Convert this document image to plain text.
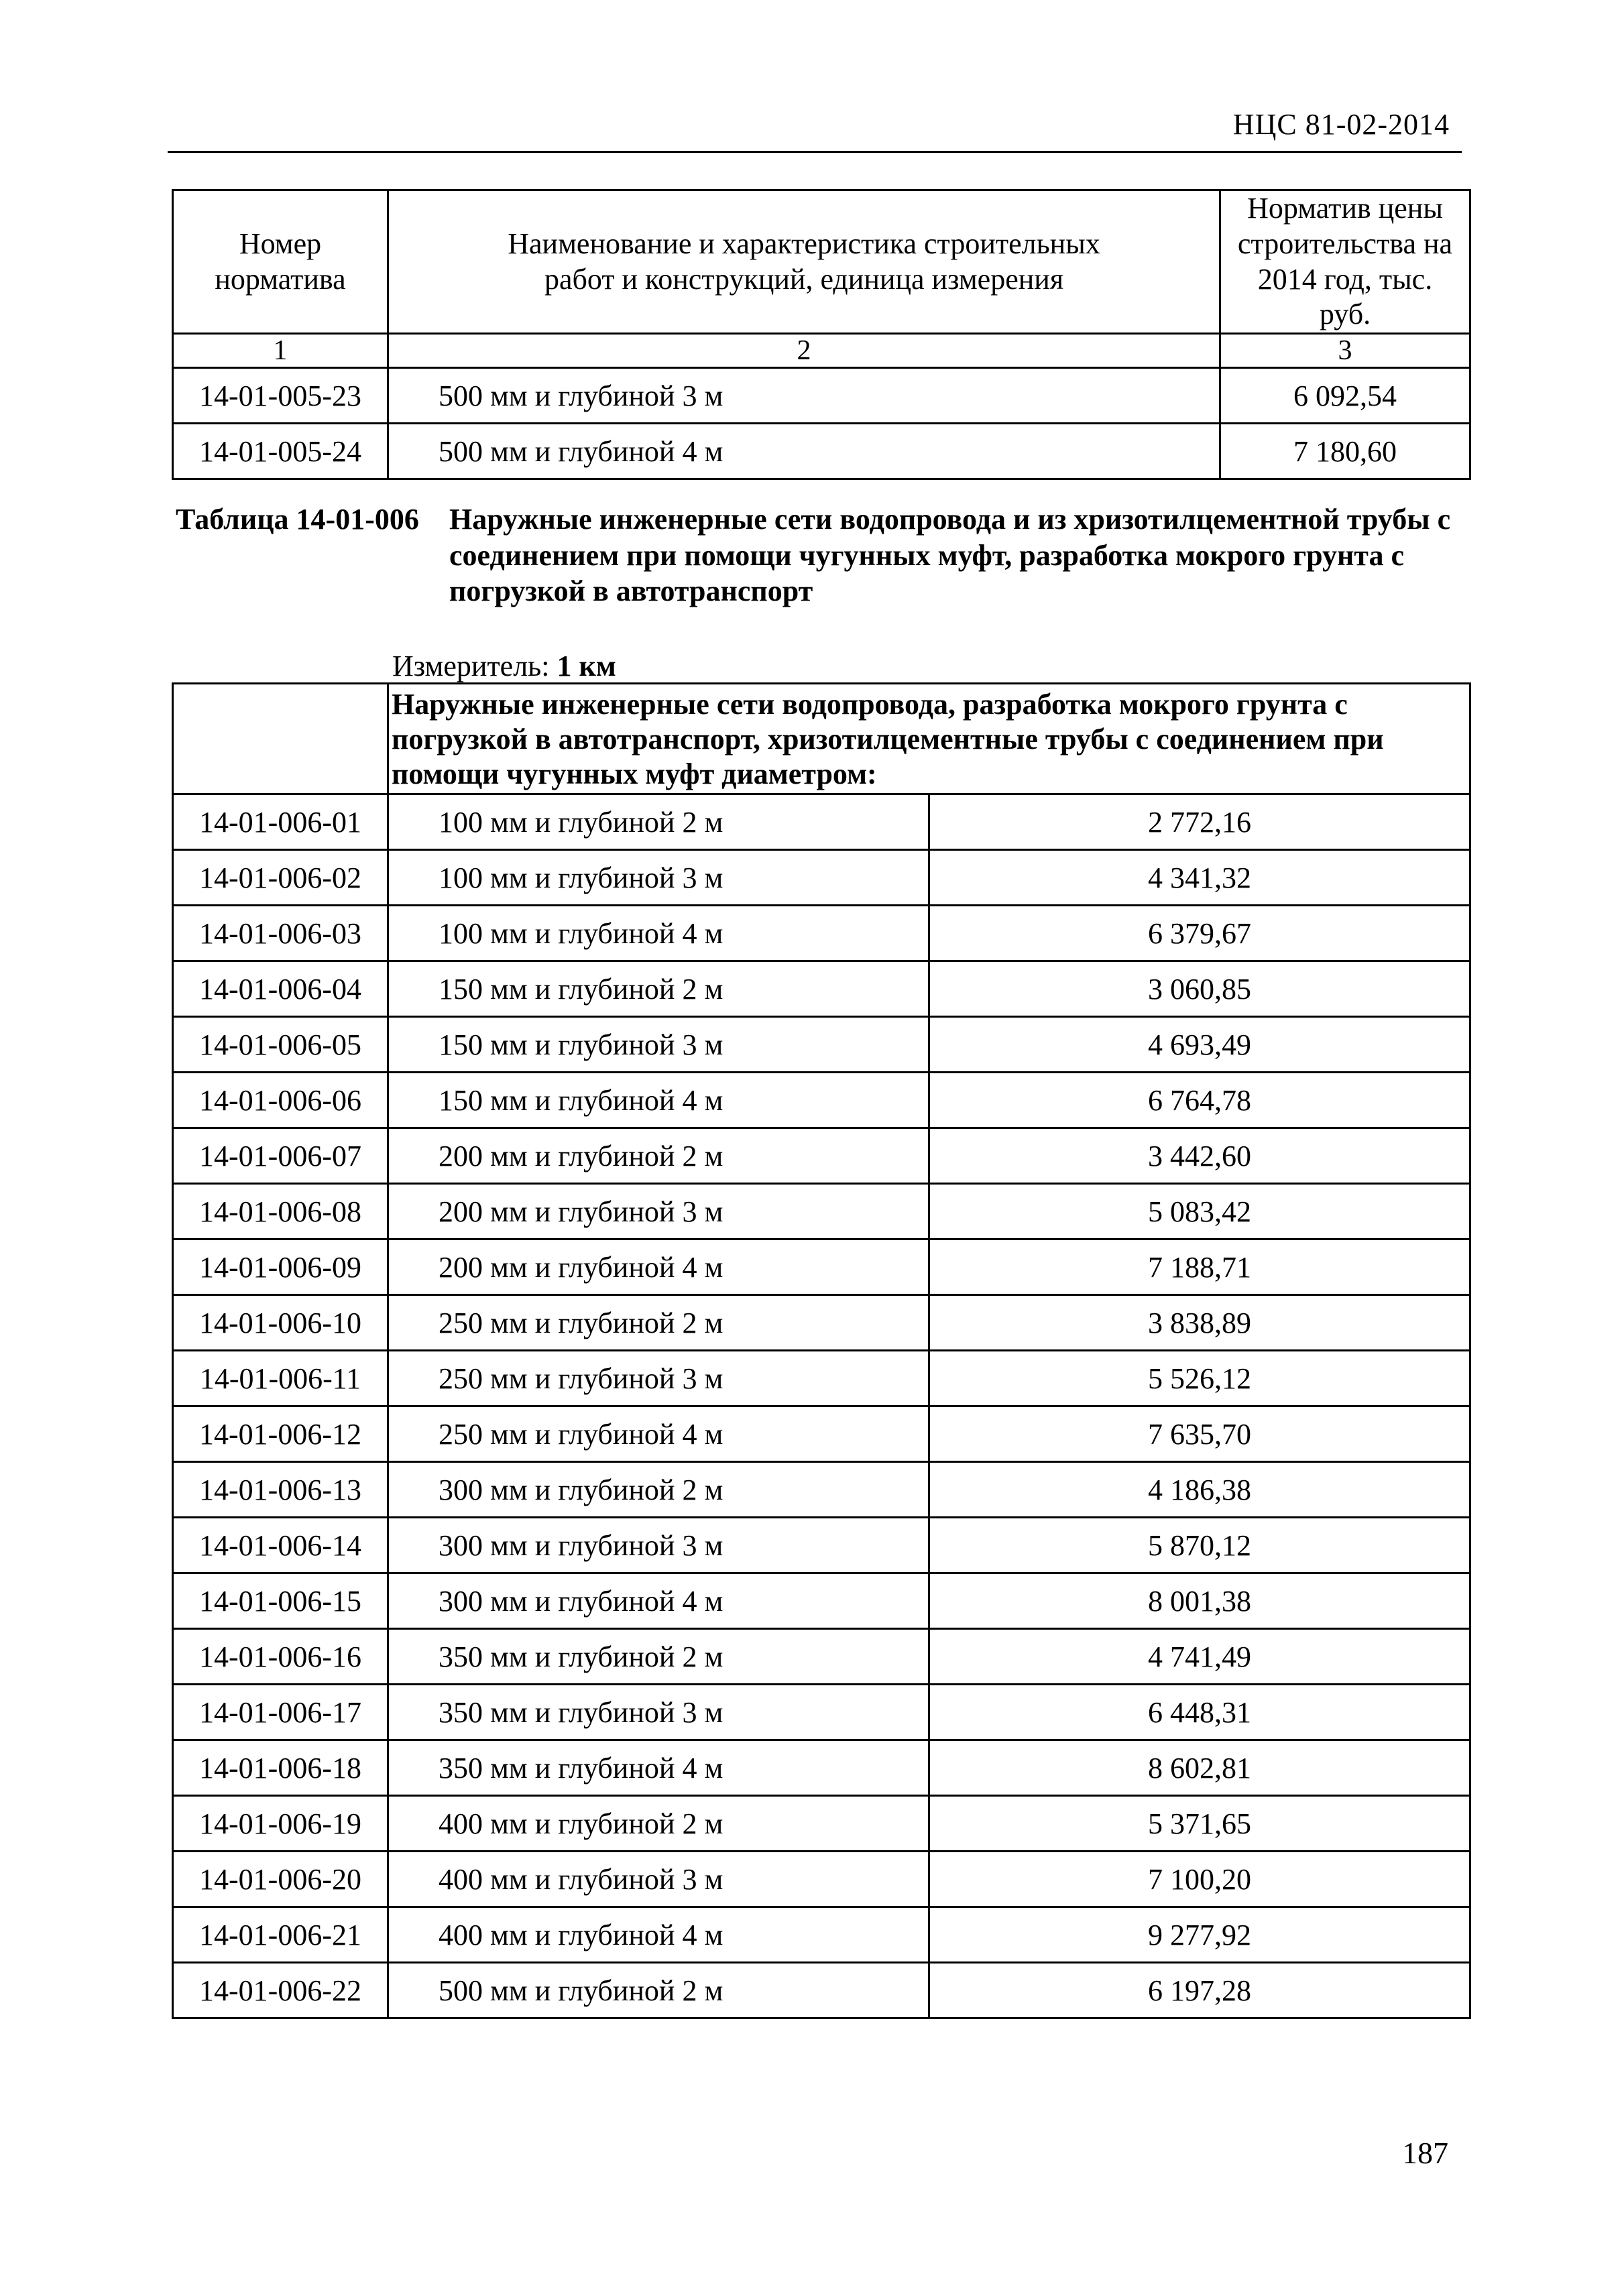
НЦС 81-02-2014
Номер норматива	Наименование и характеристика строительных работ и конструкций, единица измерения	Норматив цены строительства на 2014 год, тыс. руб.
1	2	3
14-01-005-23	500 мм и глубиной 3 м	6 092,54
14-01-005-24	500 мм и глубиной 4 м	7 180,60
Таблица 14-01-006 Наружные инженерные сети водопровода и из хризотилцементной трубы с соединением при помощи чугунных муфт, разработка мокрого грунта с погрузкой в автотранспорт
Измеритель: 1 км
	Наружные инженерные сети водопровода, разработка мокрого грунта с погрузкой в автотранспорт, хризотилцементные трубы с соединением при помощи чугунных муфт диаметром:	
14-01-006-01	100 мм и глубиной 2 м	2 772,16
14-01-006-02	100 мм и глубиной 3 м	4 341,32
14-01-006-03	100 мм и глубиной 4 м	6 379,67
14-01-006-04	150 мм и глубиной 2 м	3 060,85
14-01-006-05	150 мм и глубиной 3 м	4 693,49
14-01-006-06	150 мм и глубиной 4 м	6 764,78
14-01-006-07	200 мм и глубиной 2 м	3 442,60
14-01-006-08	200 мм и глубиной 3 м	5 083,42
14-01-006-09	200 мм и глубиной 4 м	7 188,71
14-01-006-10	250 мм и глубиной 2 м	3 838,89
14-01-006-11	250 мм и глубиной 3 м	5 526,12
14-01-006-12	250 мм и глубиной 4 м	7 635,70
14-01-006-13	300 мм и глубиной 2 м	4 186,38
14-01-006-14	300 мм и глубиной 3 м	5 870,12
14-01-006-15	300 мм и глубиной 4 м	8 001,38
14-01-006-16	350 мм и глубиной 2 м	4 741,49
14-01-006-17	350 мм и глубиной 3 м	6 448,31
14-01-006-18	350 мм и глубиной 4 м	8 602,81
14-01-006-19	400 мм и глубиной 2 м	5 371,65
14-01-006-20	400 мм и глубиной 3 м	7 100,20
14-01-006-21	400 мм и глубиной 4 м	9 277,92
14-01-006-22	500 мм и глубиной 2 м	6 197,28
187
